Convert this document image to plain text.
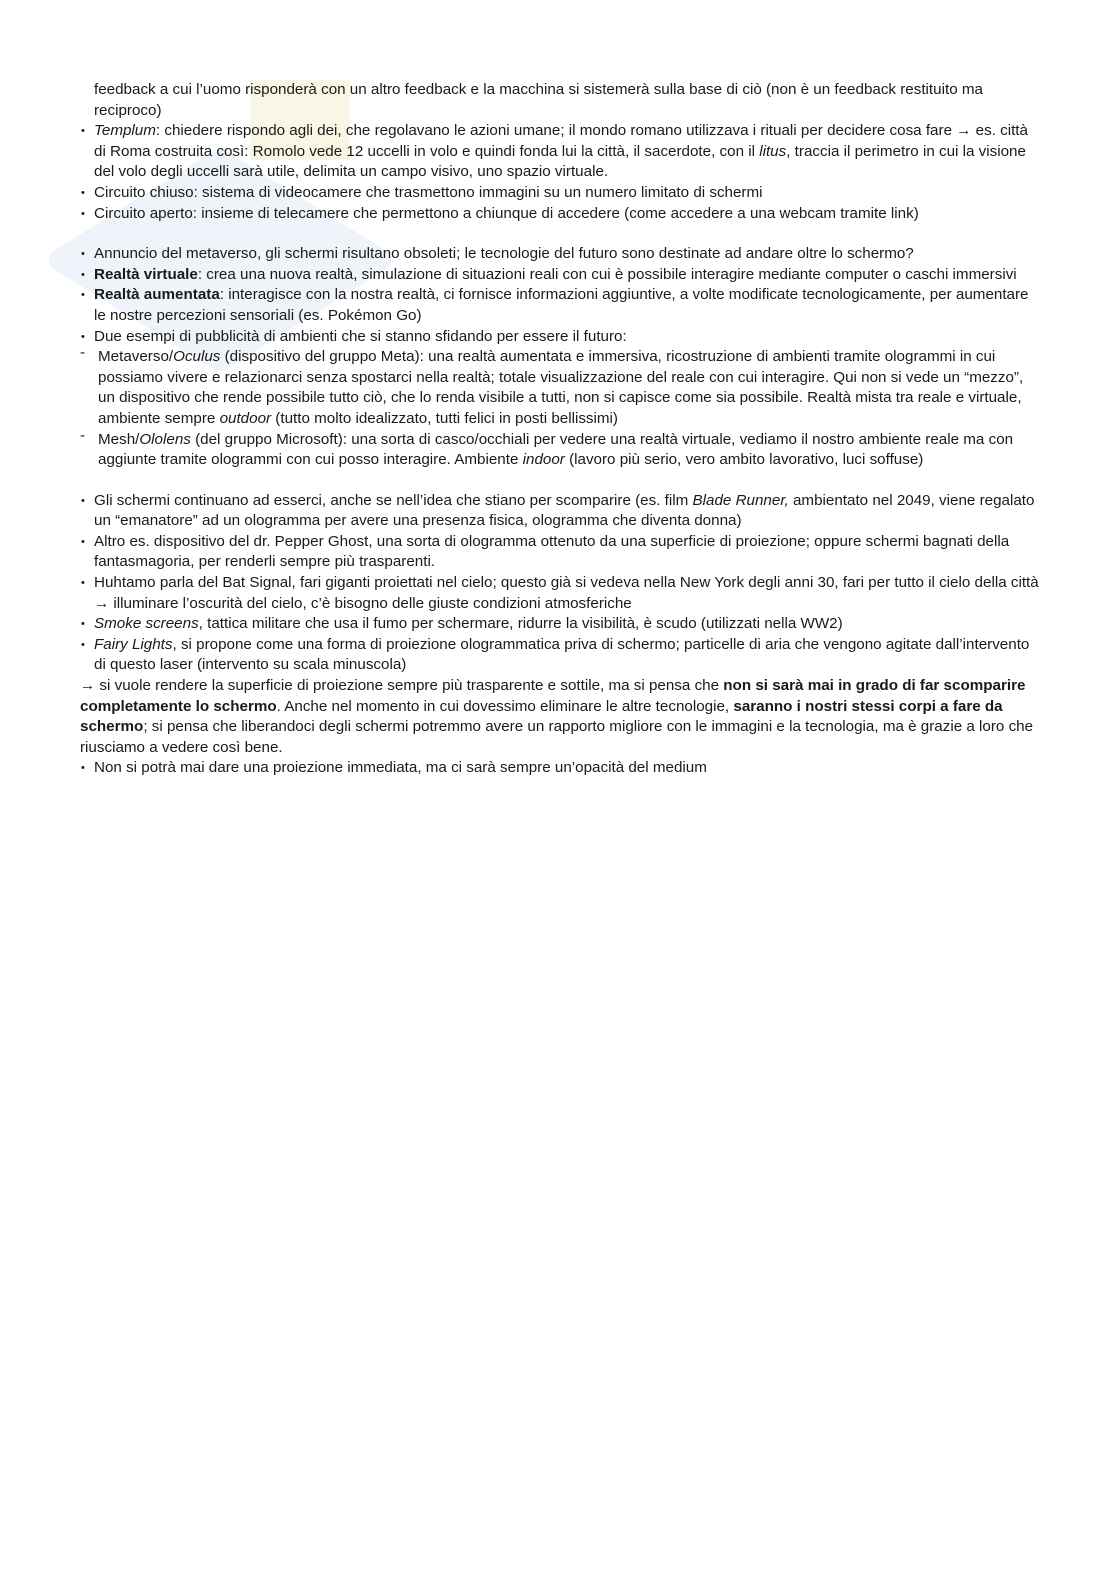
feedback a cui l’uomo risponderà con un altro feedback e la macchina si sistemerà sulla base di ciò (non è un feedback restituito ma reciproco)
• Templum: chiedere rispondo agli dei, che regolavano le azioni umane; il mondo romano utilizzava i rituali per decidere cosa fare → es. città di Roma costruita così: Romolo vede 12 uccelli in volo e quindi fonda lui la città, il sacerdote, con il litus, traccia il perimetro in cui la visione del volo degli uccelli sarà utile, delimita un campo visivo, uno spazio virtuale.
• Circuito chiuso: sistema di videocamere che trasmettono immagini su un numero limitato di schermi
• Circuito aperto: insieme di telecamere che permettono a chiunque di accedere (come accedere a una webcam tramite link)
• Annuncio del metaverso, gli schermi risultano obsoleti; le tecnologie del futuro sono destinate ad andare oltre lo schermo?
• Realtà virtuale: crea una nuova realtà, simulazione di situazioni reali con cui è possibile interagire mediante computer o caschi immersivi
• Realtà aumentata: interagisce con la nostra realtà, ci fornisce informazioni aggiuntive, a volte modificate tecnologicamente, per aumentare le nostre percezioni sensoriali (es. Pokémon Go)
• Due esempi di pubblicità di ambienti che si stanno sfidando per essere il futuro:
- Metaverso/Oculus (dispositivo del gruppo Meta): una realtà aumentata e immersiva, ricostruzione di ambienti tramite ologrammi in cui possiamo vivere e relazionarci senza spostarci nella realtà; totale visualizzazione del reale con cui interagire. Qui non si vede un “mezzo”, un dispositivo che rende possibile tutto ciò, che lo renda visibile a tutti, non si capisce come sia possibile. Realtà mista tra reale e virtuale, ambiente sempre outdoor (tutto molto idealizzato, tutti felici in posti bellissimi)
- Mesh/Ololens (del gruppo Microsoft): una sorta di casco/occhiali per vedere una realtà virtuale, vediamo il nostro ambiente reale ma con aggiunte tramite ologrammi con cui posso interagire. Ambiente indoor (lavoro più serio, vero ambito lavorativo, luci soffuse)
• Gli schermi continuano ad esserci, anche se nell’idea che stiano per scomparire (es. film Blade Runner, ambientato nel 2049, viene regalato un “emanatore” ad un ologramma per avere una presenza fisica, ologramma che diventa donna)
• Altro es. dispositivo del dr. Pepper Ghost, una sorta di ologramma ottenuto da una superficie di proiezione; oppure schermi bagnati della fantasmagoria, per renderli sempre più trasparenti.
• Huhtamo parla del Bat Signal, fari giganti proiettati nel cielo; questo già si vedeva nella New York degli anni 30, fari per tutto il cielo della città → illuminare l’oscurità del cielo, c’è bisogno delle giuste condizioni atmosferiche
• Smoke screens, tattica militare che usa il fumo per schermare, ridurre la visibilità, è scudo (utilizzati nella WW2)
• Fairy Lights, si propone come una forma di proiezione ologrammatica priva di schermo; particelle di aria che vengono agitate dall’intervento di questo laser (intervento su scala minuscola)
→ si vuole rendere la superficie di proiezione sempre più trasparente e sottile, ma si pensa che non si sarà mai in grado di far scomparire completamente lo schermo. Anche nel momento in cui dovessimo eliminare le altre tecnologie, saranno i nostri stessi corpi a fare da schermo; si pensa che liberandoci degli schermi potremmo avere un rapporto migliore con le immagini e la tecnologia, ma è grazie a loro che riusciamo a vedere così bene.
• Non si potrà mai dare una proiezione immediata, ma ci sarà sempre un’opacità del medium
